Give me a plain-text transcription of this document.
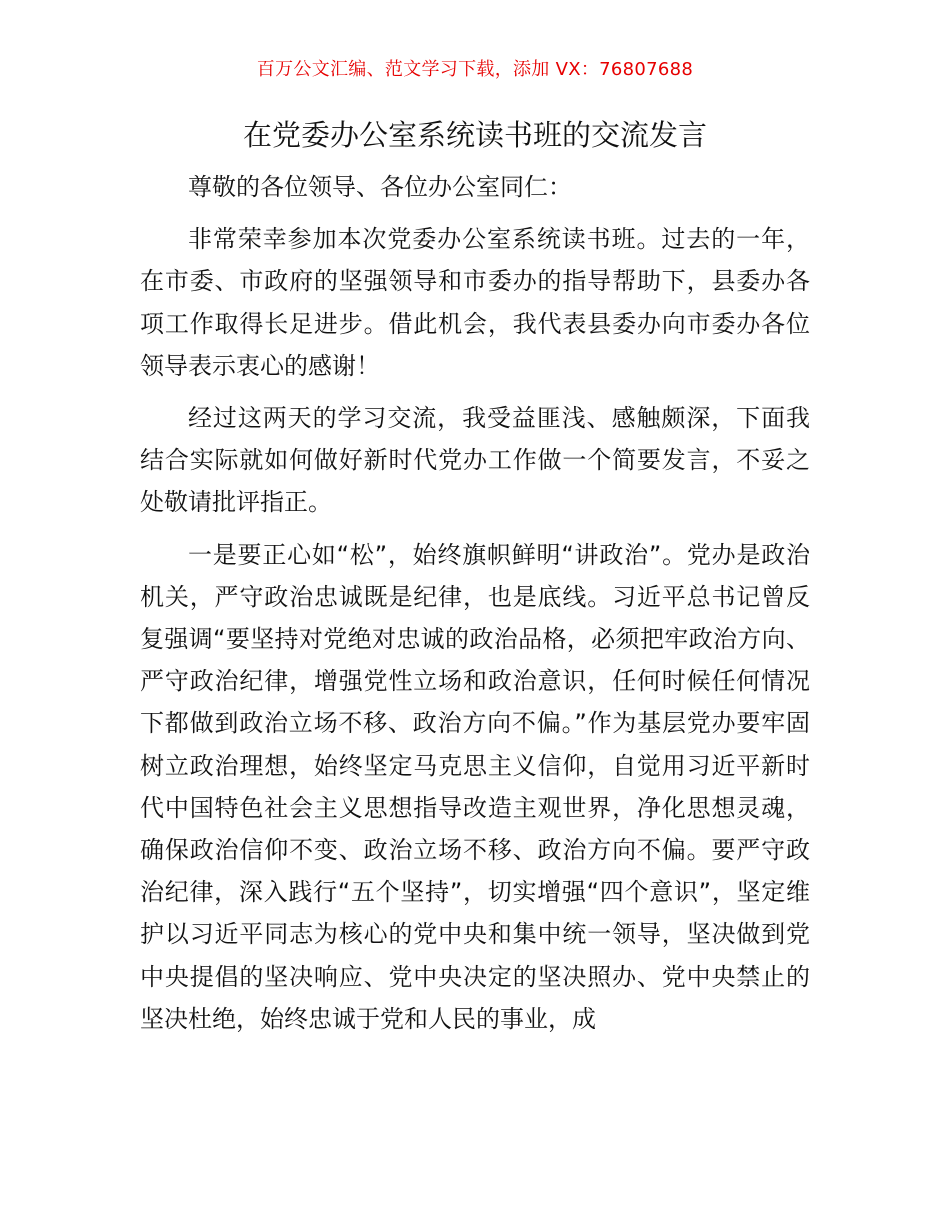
百万公文汇编、范文学习下载，添加 VX：76807688
在党委办公室系统读书班的交流发言

尊敬的各位领导、各位办公室同仁：

非常荣幸参加本次党委办公室系统读书班。过去的一年，在市委、市政府的坚强领导和市委办的指导帮助下，县委办各项工作取得长足进步。借此机会，我代表县委办向市委办各位领导表示衷心的感谢！

经过这两天的学习交流，我受益匪浅、感触颇深，下面我结合实际就如何做好新时代党办工作做一个简要发言，不妥之处敬请批评指正。

一是要正心如“松”，始终旗帜鲜明“讲政治”。党办是政治机关，严守政治忠诚既是纪律，也是底线。习近平总书记曾反复强调“要坚持对党绝对忠诚的政治品格，必须把牢政治方向、严守政治纪律，增强党性立场和政治意识，任何时候任何情况下都做到政治立场不移、政治方向不偏。”作为基层党办要牢固树立政治理想，始终坚定马克思主义信仰，自觉用习近平新时代中国特色社会主义思想指导改造主观世界，净化思想灵魂，确保政治信仰不变、政治立场不移、政治方向不偏。要严守政治纪律，深入践行“五个坚持”，切实增强“四个意识”，坚定维护以习近平同志为核心的党中央和集中统一领导，坚决做到党中央提倡的坚决响应、党中央决定的坚决照办、党中央禁止的坚决杜绝，始终忠诚于党和人民的事业，成
